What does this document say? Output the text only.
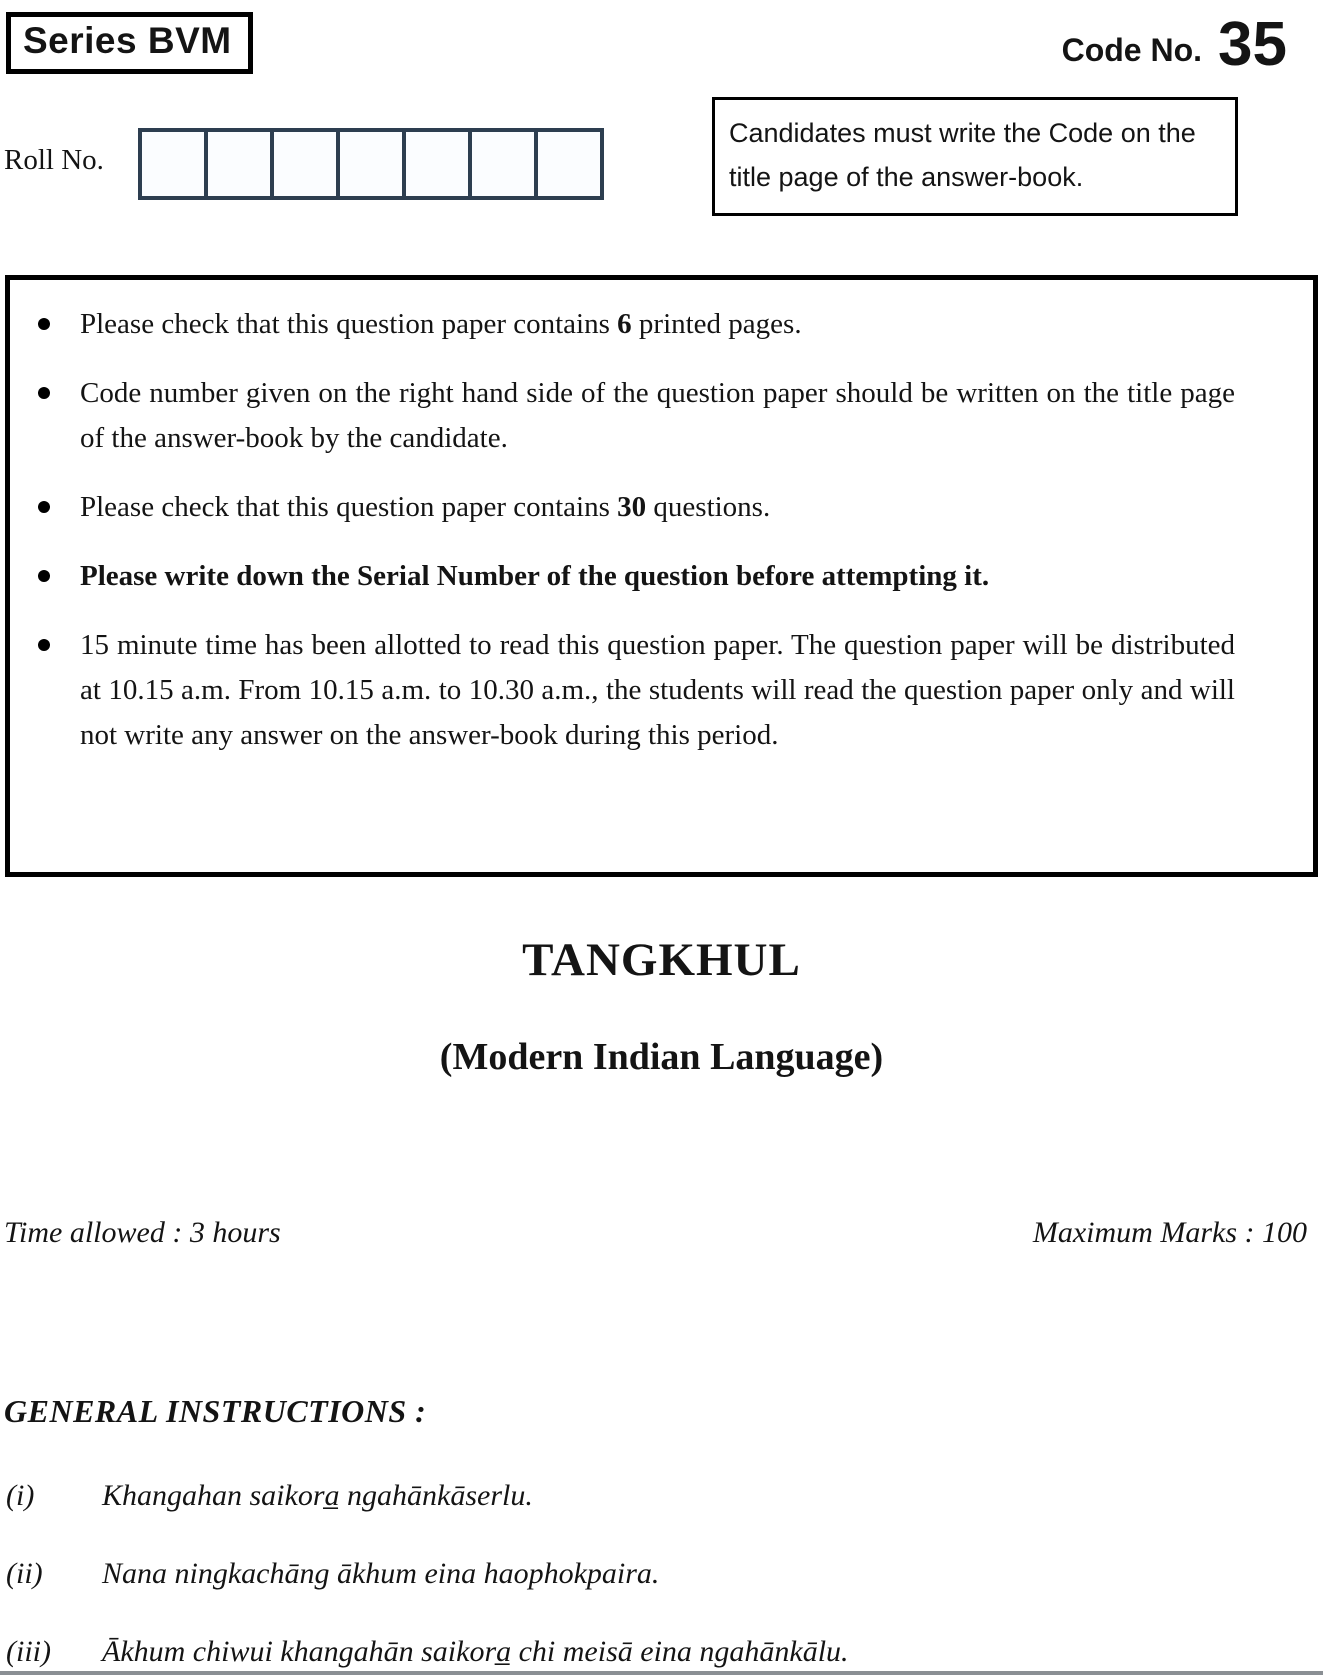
Series BVM	Code No. 35
Roll No.
Candidates must write the Code on the title page of the answer-book.
Please check that this question paper contains 6 printed pages.
Code number given on the right hand side of the question paper should be written on the title page of the answer-book by the candidate.
Please check that this question paper contains 30 questions.
Please write down the Serial Number of the question before attempting it.
15 minute time has been allotted to read this question paper. The question paper will be distributed at 10.15 a.m. From 10.15 a.m. to 10.30 a.m., the students will read the question paper only and will not write any answer on the answer-book during this period.
TANGKHUL
(Modern Indian Language)
Time allowed : 3 hours	Maximum Marks : 100
GENERAL INSTRUCTIONS :
(i)	Khangahan saikora̲ ngahānkāserlu.
(ii)	Nana ningkachāng ākhum eina haophokpaira.
(iii)	Ākhum chiwui khangahān saikora̲ chi meisā eina ngahānkālu.
